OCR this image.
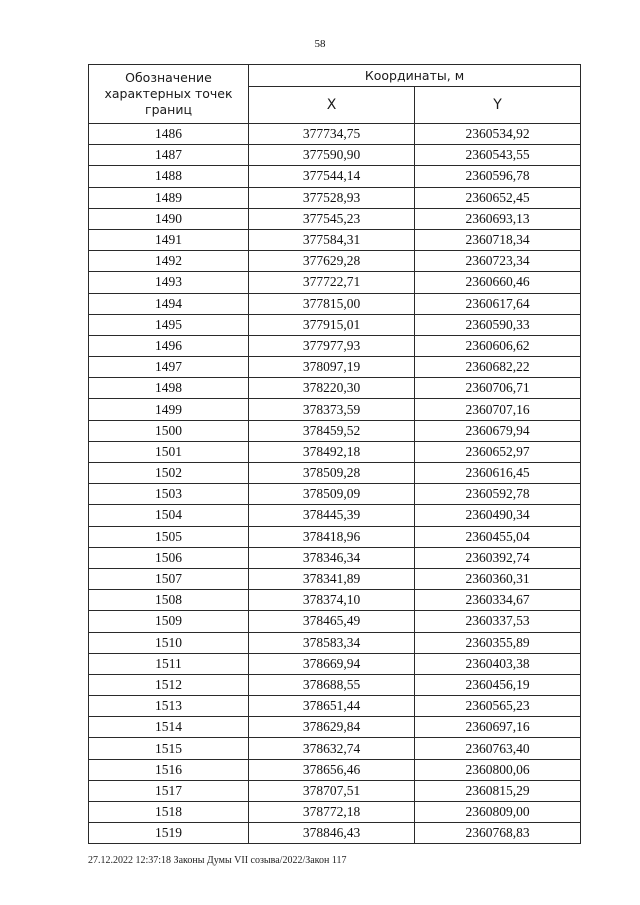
58
Обозначение характерных точек границ	Координаты, м	
	X	Y
1486	377734,75	2360534,92
1487	377590,90	2360543,55
1488	377544,14	2360596,78
1489	377528,93	2360652,45
1490	377545,23	2360693,13
1491	377584,31	2360718,34
1492	377629,28	2360723,34
1493	377722,71	2360660,46
1494	377815,00	2360617,64
1495	377915,01	2360590,33
1496	377977,93	2360606,62
1497	378097,19	2360682,22
1498	378220,30	2360706,71
1499	378373,59	2360707,16
1500	378459,52	2360679,94
1501	378492,18	2360652,97
1502	378509,28	2360616,45
1503	378509,09	2360592,78
1504	378445,39	2360490,34
1505	378418,96	2360455,04
1506	378346,34	2360392,74
1507	378341,89	2360360,31
1508	378374,10	2360334,67
1509	378465,49	2360337,53
1510	378583,34	2360355,89
1511	378669,94	2360403,38
1512	378688,55	2360456,19
1513	378651,44	2360565,23
1514	378629,84	2360697,16
1515	378632,74	2360763,40
1516	378656,46	2360800,06
1517	378707,51	2360815,29
1518	378772,18	2360809,00
1519	378846,43	2360768,83
27.12.2022 12:37:18 Законы Думы VII созыва/2022/Закон 117
